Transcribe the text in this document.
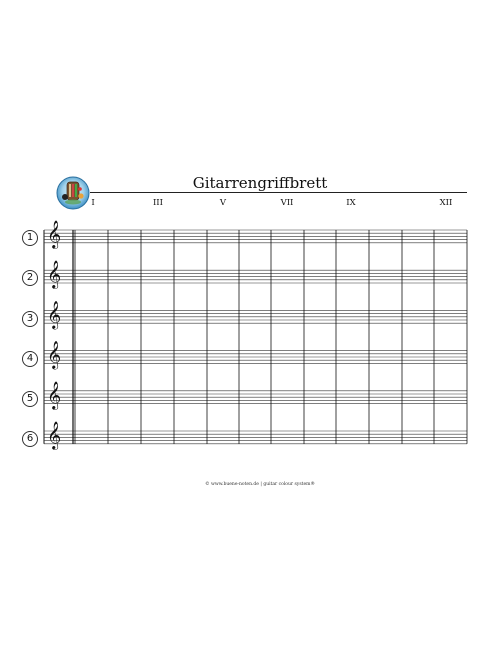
Gitarrengriffbrett
I	III	V	VII	IX	XII
1
2
3
4
5
6
𝄞
𝄞
𝄞
𝄞
𝄞
𝄞
© www.buene-noten.de | guitar colour system®
